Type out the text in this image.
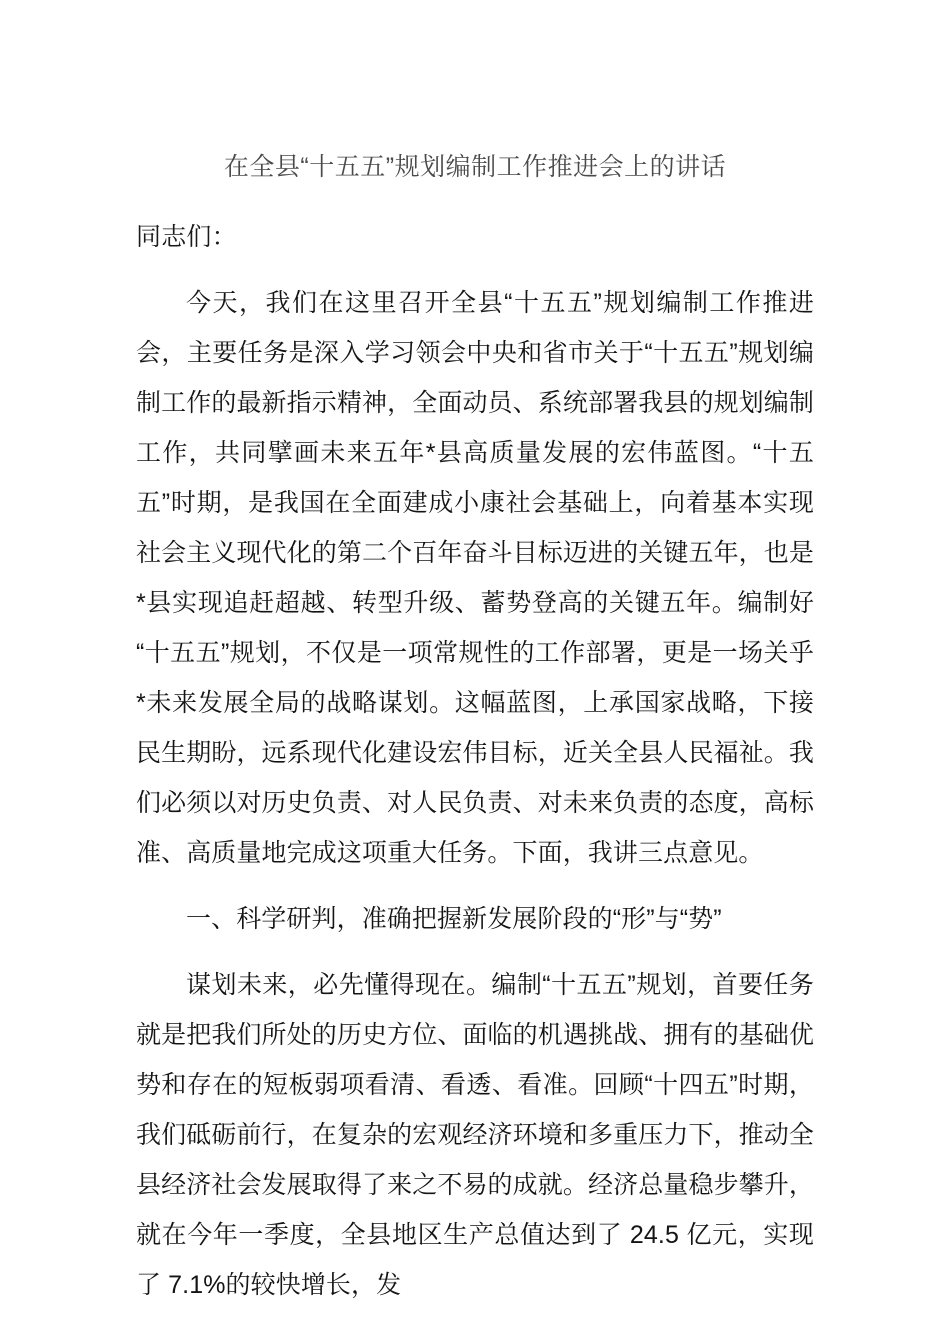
在全县“十五五”规划编制工作推进会上的讲话

同志们：

今天，我们在这里召开全县“十五五”规划编制工作推进会，主要任务是深入学习领会中央和省市关于“十五五”规划编制工作的最新指示精神，全面动员、系统部署我县的规划编制工作，共同擘画未来五年*县高质量发展的宏伟蓝图。“十五五”时期，是我国在全面建成小康社会基础上，向着基本实现社会主义现代化的第二个百年奋斗目标迈进的关键五年，也是*县实现追赶超越、转型升级、蓄势登高的关键五年。编制好“十五五”规划，不仅是一项常规性的工作部署，更是一场关乎*未来发展全局的战略谋划。这幅蓝图，上承国家战略，下接民生期盼，远系现代化建设宏伟目标，近关全县人民福祉。我们必须以对历史负责、对人民负责、对未来负责的态度，高标准、高质量地完成这项重大任务。下面，我讲三点意见。

一、科学研判，准确把握新发展阶段的“形”与“势”

谋划未来，必先懂得现在。编制“十五五”规划，首要任务就是把我们所处的历史方位、面临的机遇挑战、拥有的基础优势和存在的短板弱项看清、看透、看准。回顾“十四五”时期，我们砥砺前行，在复杂的宏观经济环境和多重压力下，推动全县经济社会发展取得了来之不易的成就。经济总量稳步攀升，就在今年一季度，全县地区生产总值达到了 24.5 亿元，实现了 7.1%的较快增长，发
